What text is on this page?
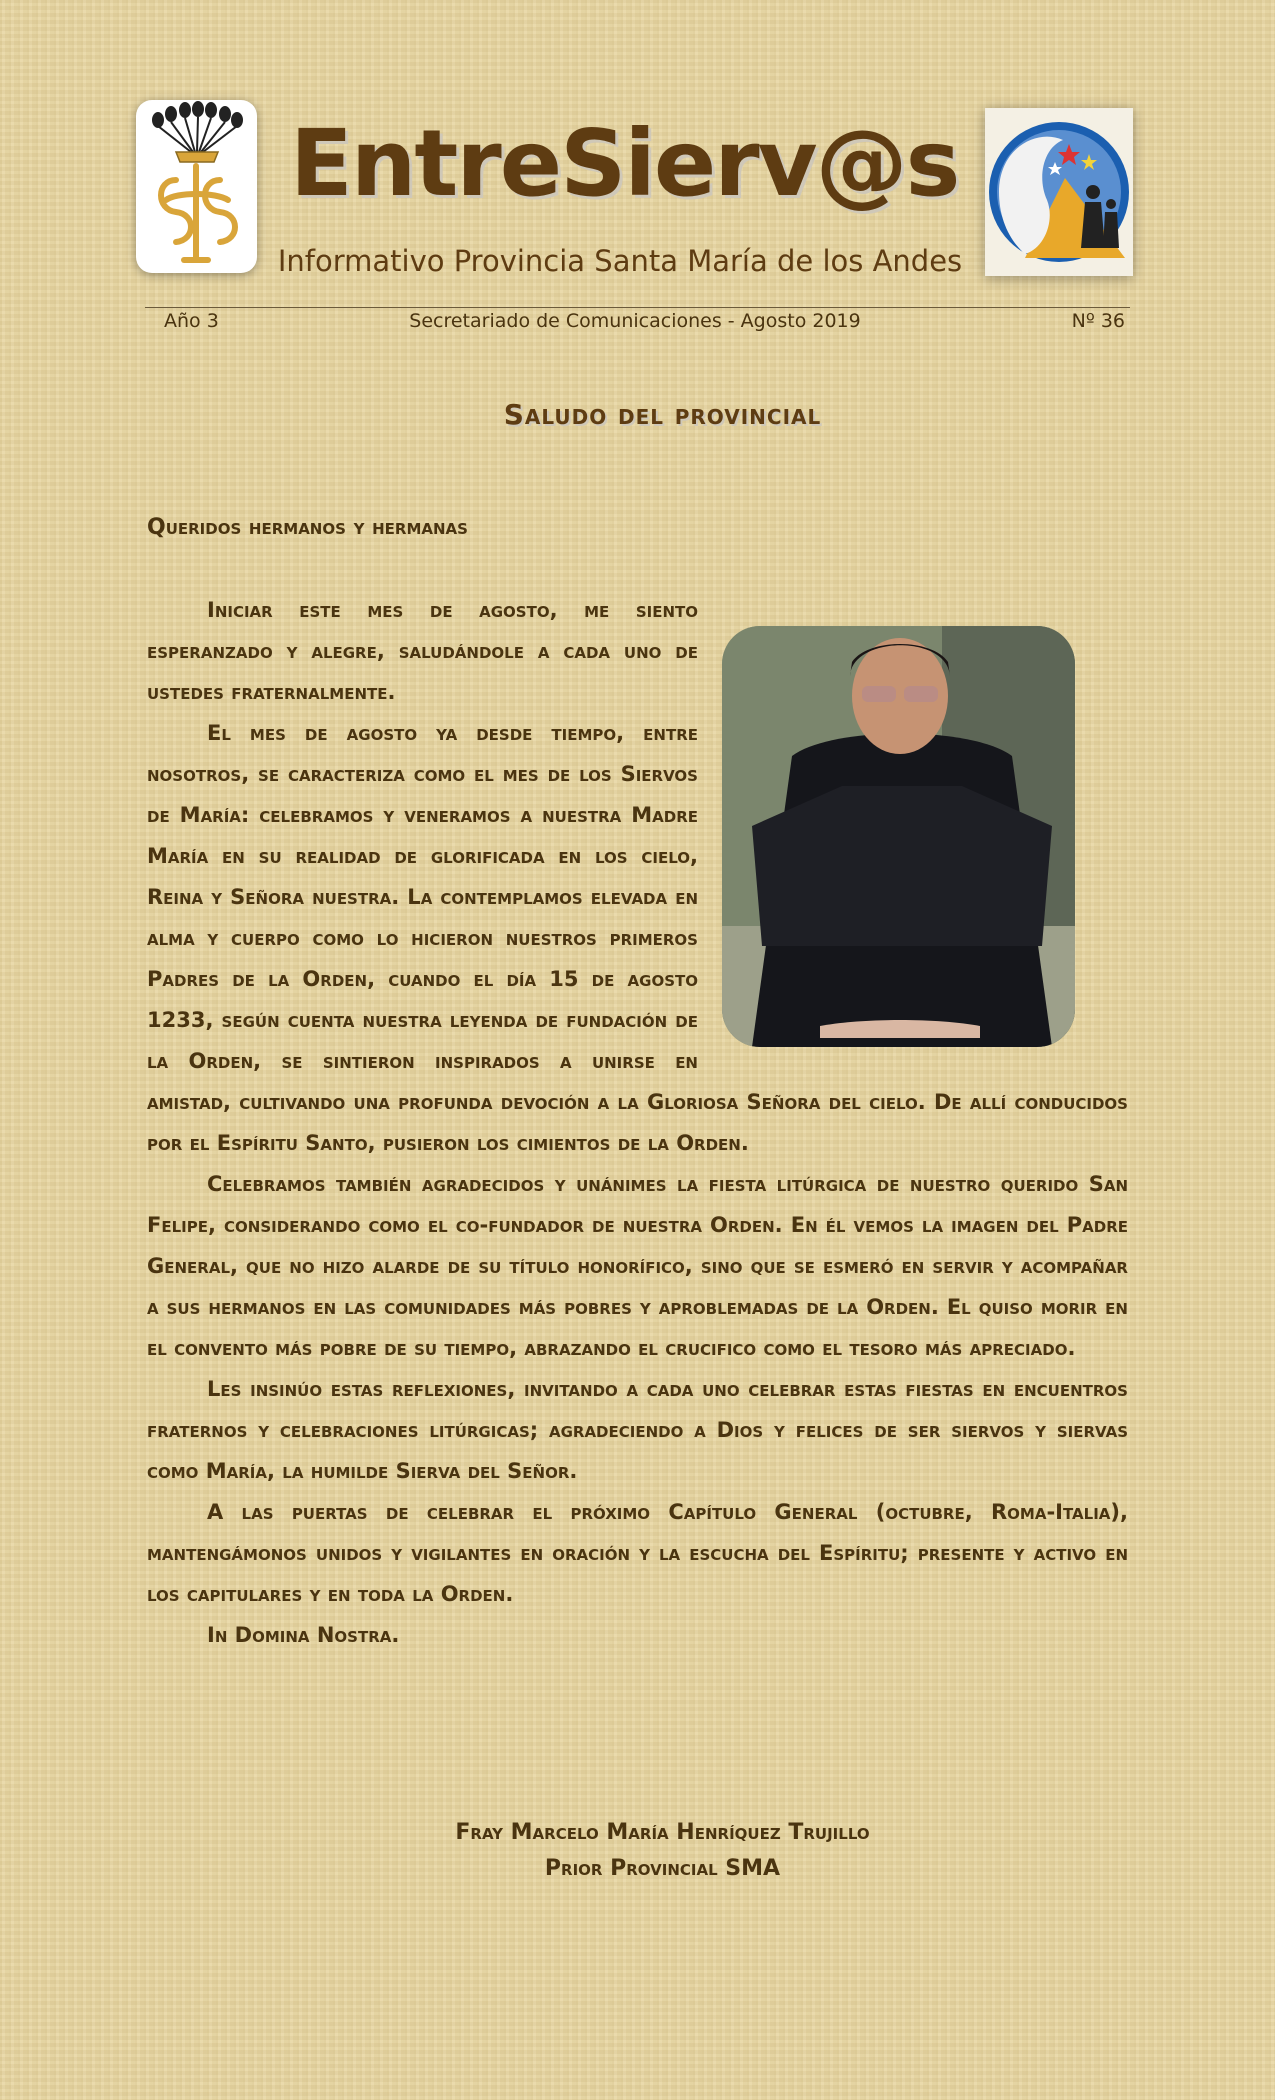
EntreSierv@s
Informativo Provincia Santa María de los Andes
Año 3	Secretariado de Comunicaciones - Agosto 2019	Nº 36
Saludo del provincial
Queridos hermanos y hermanas

Iniciar este mes de agosto, me siento esperanzado y alegre, saludándole a cada uno de ustedes fraternalmente.

El mes de agosto ya desde tiempo, entre nosotros, se caracteriza como el mes de los Siervos de María: celebramos y veneramos a nuestra Madre María en su realidad de glorificada en los cielo, Reina y Señora nuestra. La contemplamos elevada en alma y cuerpo como lo hicieron nuestros primeros Padres de la Orden, cuando el día 15 de agosto 1233, según cuenta nuestra leyenda de fundación de la Orden, se sintieron inspirados a unirse en amistad, cultivando una profunda devoción a la Gloriosa Señora del cielo. De allí conducidos por el Espíritu Santo, pusieron los cimientos de la Orden.

Celebramos también agradecidos y unánimes la fiesta litúrgica de nuestro querido San Felipe, considerando como el co-fundador de nuestra Orden. En él vemos la imagen del Padre General, que no hizo alarde de su título honorífico, sino que se esmeró en servir y acompañar a sus hermanos en las comunidades más pobres y aproblemadas de la Orden. El quiso morir en el convento más pobre de su tiempo, abrazando el crucifico como el tesoro más apreciado.

Les insinúo estas reflexiones, invitando a cada uno celebrar estas fiestas en encuentros fraternos y celebraciones litúrgicas; agradeciendo a Dios y felices de ser siervos y siervas como María, la humilde Sierva del Señor.

A las puertas de celebrar el próximo Capítulo General (octubre, Roma-Italia), mantengámonos unidos y vigilantes en oración y la escucha del Espíritu; presente y activo en los capitulares y en toda la Orden.

In Domina Nostra.

Fray Marcelo María Henríquez Trujillo
Prior Provincial SMA
